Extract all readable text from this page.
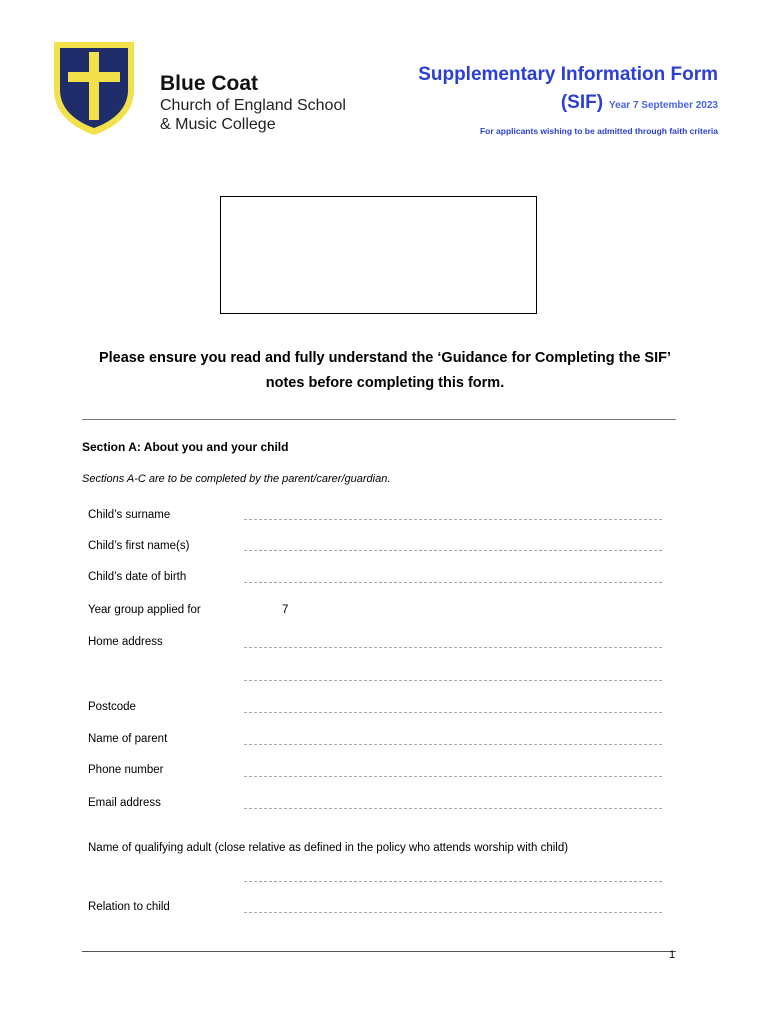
Blue Coat
Church of England School
& Music College
Supplementary Information Form
(SIF) Year 7 September 2023
For applicants wishing to be admitted through faith criteria
Please ensure you read and fully understand the ‘Guidance for Completing the SIF’ notes before completing this form.
Section A: About you and your child
Sections A-C are to be completed by the parent/carer/guardian.
Child’s surname
Child’s first name(s)
Child’s date of birth
Year group applied for	7
Home address
Postcode
Name of parent
Phone number
Email address
Name of qualifying adult (close relative as defined in the policy who attends worship with child)
Relation to child
1
